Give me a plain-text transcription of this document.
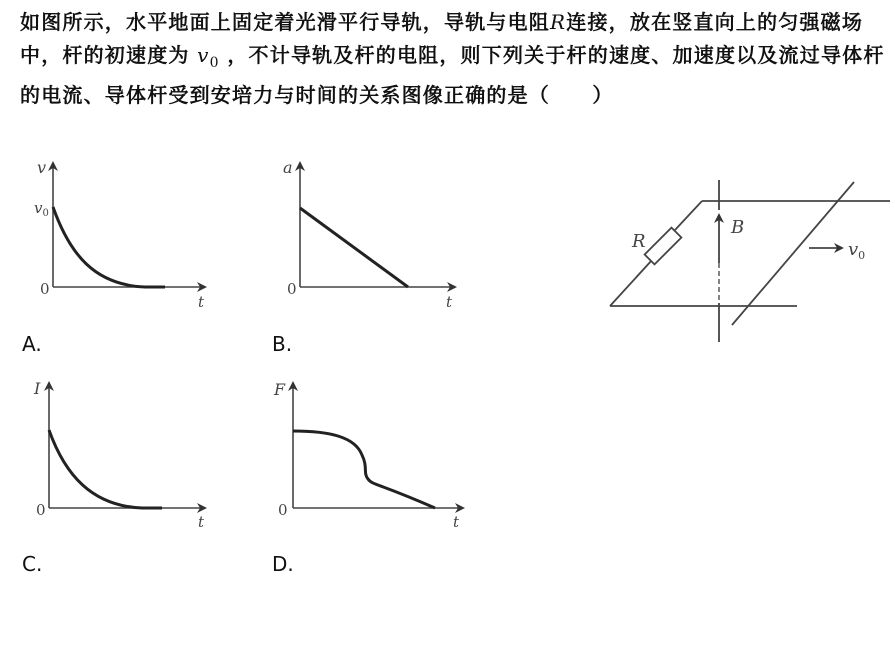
如图所示，水平地面上固定着光滑平行导轨，导轨与电阻R连接，放在竖直向上的匀强磁场中，杆的初速度为 $v_0$ ，不计导轨及杆的电阻，则下列关于杆的速度、加速度以及流过导体杆的电流、导体杆受到安培力与时间的关系图像正确的是（　　）
v
$v_0$
0
t
A.
a
0
t
B.
R
B
$v_0$
I
0
t
C.
F
0
t
D.
